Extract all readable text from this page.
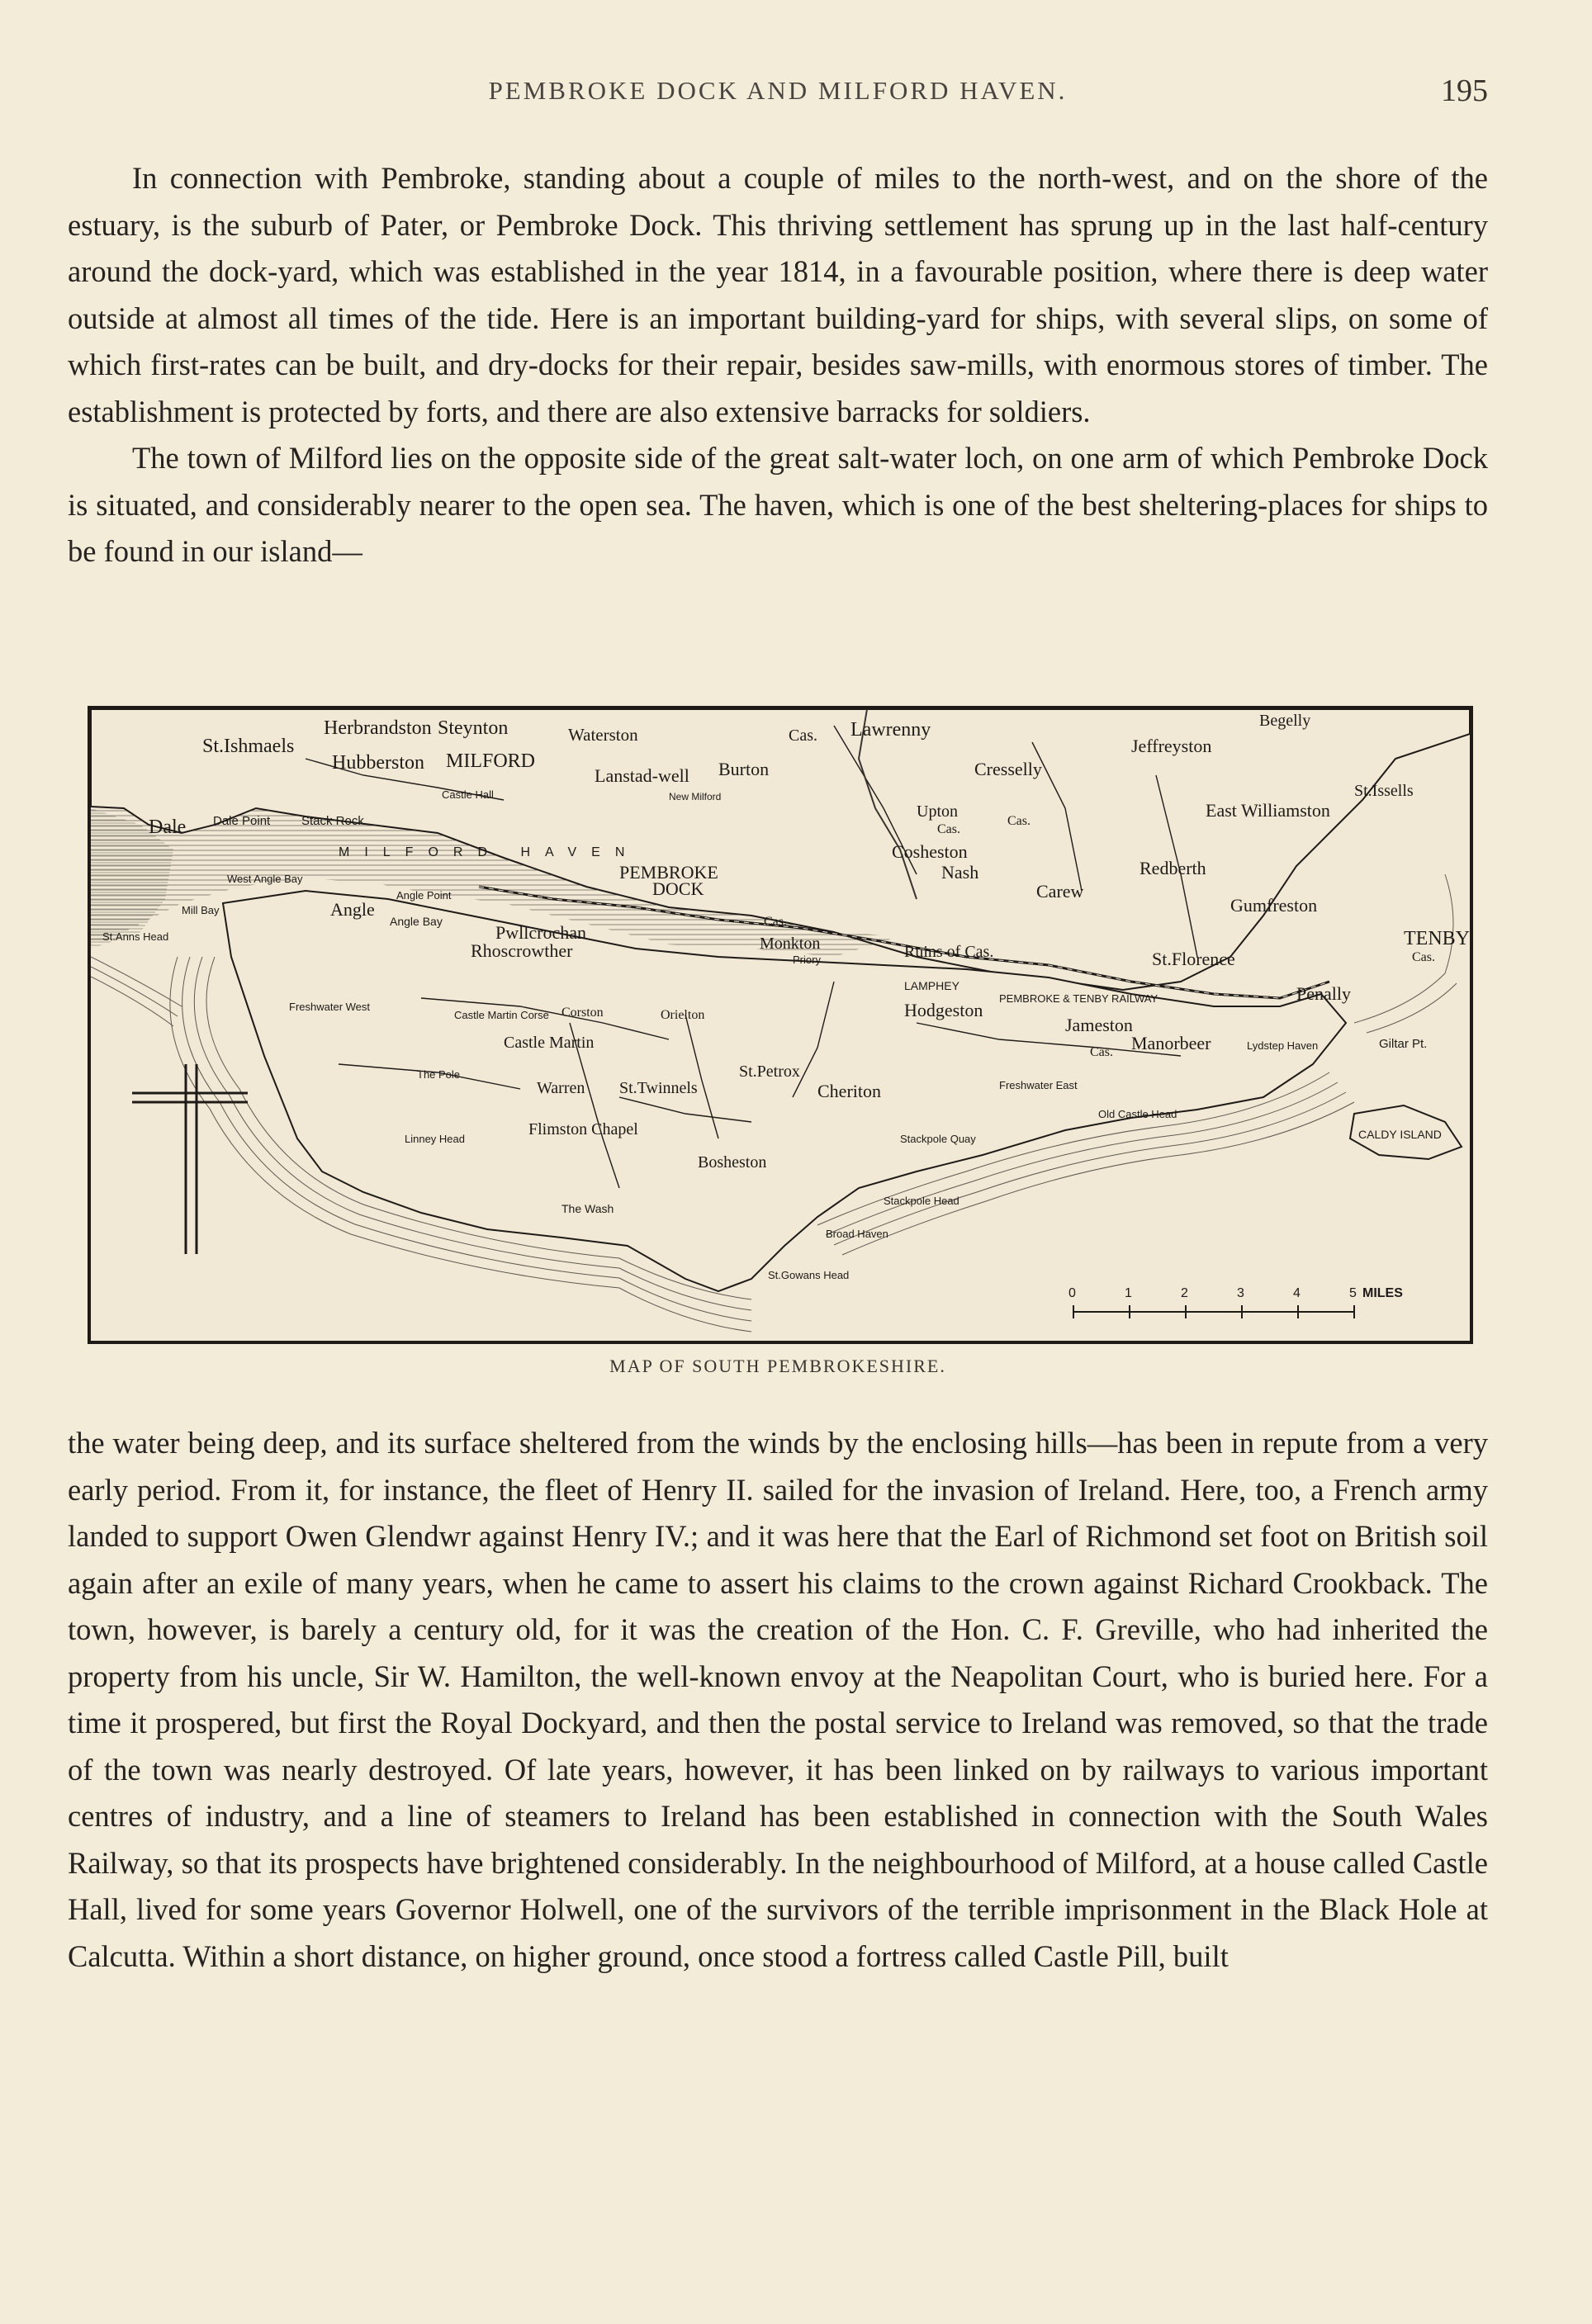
PEMBROKE DOCK AND MILFORD HAVEN.	195

In connection with Pembroke, standing about a couple of miles to the north-west, and on the shore of the estuary, is the suburb of Pater, or Pembroke Dock. This thriving settlement has sprung up in the last half-century around the dock-yard, which was established in the year 1814, in a favourable position, where there is deep water outside at almost all times of the tide. Here is an important building-yard for ships, with several slips, on some of which first-rates can be built, and dry-docks for their repair, besides saw-mills, with enormous stores of timber. The establishment is protected by forts, and there are also extensive barracks for soldiers.

The town of Milford lies on the opposite side of the great salt-water loch, on one arm of which Pembroke Dock is situated, and considerably nearer to the open sea. The haven, which is one of the best sheltering-places for ships to be found in our island—

St.Ishmaels
Herbrandston
Hubberston
Steynton
MILFORD
Castle Hall
Waterston
Lanstad-well
New Milford
Burton
Cas. Lawrenny
Cresselly
Jeffreyston
Begelly
East Williamston
St.Issells
Dale Dale Point	Stack Rock
MILFORD HAVEN
Upton
Cas.
Cas.
Cosheston
Redberth
West Angle Bay
Mill Bay	Angle
Angle Point
Angle Bay
St.Anns Head
PEMBROKE
DOCK
Nash
Carew
Gumfreston
TENBY
Cas.
Pwllcrochan
Rhoscrowther
Cas.
Monkton
Priory	Ruins of Cas.	St.Florence
Penally
Freshwater West
Castle Martin Corse Corston	Orielton
LAMPHEY
PEMBROKE & TENBY RAILWAY
Hodgeston
Jameston
Cas. Manorbeer	Lydstep Haven	Giltar Pt.
Castle Martin
The Pole	St.Petrox
Warren St.Twinnels	Cheriton	Freshwater East
Old Castle Head
CALDY ISLAND
Linney Head
Flimston Chapel
Bosheston
Stackpole Quay
Stackpole Head
The Wash
Broad Haven
St.Gowans Head
0	1	2	3	4	5 MILES
MAP OF SOUTH PEMBROKESHIRE.

the water being deep, and its surface sheltered from the winds by the enclosing hills—has been in repute from a very early period. From it, for instance, the fleet of Henry II. sailed for the invasion of Ireland. Here, too, a French army landed to support Owen Glendwr against Henry IV.; and it was here that the Earl of Richmond set foot on British soil again after an exile of many years, when he came to assert his claims to the crown against Richard Crookback. The town, however, is barely a century old, for it was the creation of the Hon. C. F. Greville, who had inherited the property from his uncle, Sir W. Hamilton, the well-known envoy at the Neapolitan Court, who is buried here. For a time it prospered, but first the Royal Dockyard, and then the postal service to Ireland was removed, so that the trade of the town was nearly destroyed. Of late years, however, it has been linked on by railways to various important centres of industry, and a line of steamers to Ireland has been established in connection with the South Wales Railway, so that its prospects have brightened considerably. In the neighbourhood of Milford, at a house called Castle Hall, lived for some years Governor Holwell, one of the survivors of the terrible imprisonment in the Black Hole at Calcutta. Within a short distance, on higher ground, once stood a fortress called Castle Pill, built
